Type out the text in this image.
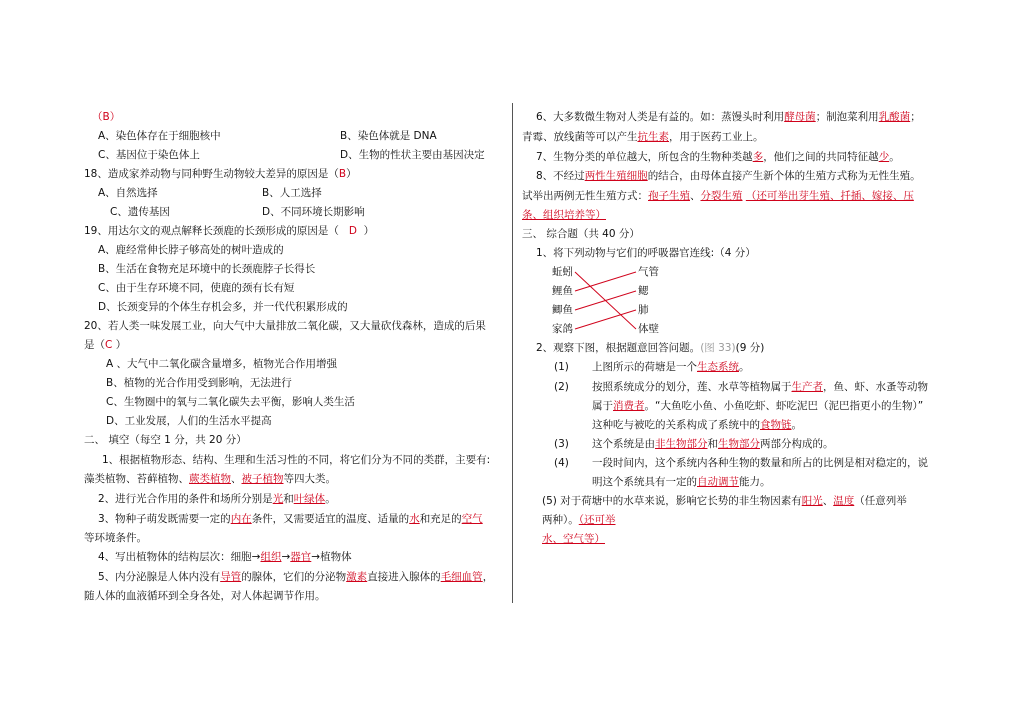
（B）
A、染色体存在于细胞核中	B、染色体就是 DNA
C、基因位于染色体上	D、生物的性状主要由基因决定
18、造成家养动物与同种野生动物较大差异的原因是（B）
A、自然选择	B、人工选择
C、遗传基因	D、不同环境长期影响
19、用达尔文的观点解释长颈鹿的长颈形成的原因是（ D ）
A、鹿经常伸长脖子够高处的树叶造成的
B、生活在食物充足环境中的长颈鹿脖子长得长
C、由于生存环境不同，使鹿的颈有长有短
D、长颈变异的个体生存机会多，并一代代积累形成的
20、若人类一味发展工业，向大气中大量排放二氧化碳，又大量砍伐森林，造成的后果
是（C ）
A 、大气中二氧化碳含量增多，植物光合作用增强
B、植物的光合作用受到影响，无法进行
C、生物圈中的氧与二氧化碳失去平衡，影响人类生活
D、工业发展，人们的生活水平提高
二、 填空（每空 1 分，共 20 分）
1、根据植物形态、结构、生理和生活习性的不同，将它们分为不同的类群，主要有:
藻类植物、苔藓植物、蕨类植物、被子植物等四大类。
2、进行光合作用的条件和场所分别是光和叶绿体。
3、物种子萌发既需要一定的内在条件，又需要适宜的温度、适量的水和充足的空气
等环境条件。
4、写出植物体的结构层次：细胞→组织→器官→植物体
5、内分泌腺是人体内没有导管的腺体，它们的分泌物激素直接进入腺体的毛细血管，
随人体的血液循环到全身各处，对人体起调节作用。
6、大多数微生物对人类是有益的。如：蒸馒头时利用酵母菌；制泡菜利用乳酸菌；
青霉、放线菌等可以产生抗生素，用于医药工业上。
7、生物分类的单位越大，所包含的生物种类越多，他们之间的共同特征越少。
8、不经过两性生殖细胞的结合，由母体直接产生新个体的生殖方式称为无性生殖。
试举出两例无性生殖方式：孢子生殖、分裂生殖 （还可举出芽生殖、扦插、嫁接、压
条、组织培养等）
三、 综合题（共 40 分）
1、将下列动物与它们的呼吸器官连线:（4 分）
蚯蚓
鲤鱼
鲫鱼
家鸽
气管
鳃
肺
体壁
2、观察下图，根据题意回答问题。(图 33)(9 分)
(1) 上图所示的荷塘是一个生态系统。
(2) 按照系统成分的划分，莲、水草等植物属于生产者，鱼、虾、水蚤等动物
属于消费者。“大鱼吃小鱼、小鱼吃虾、虾吃泥巴（泥巴指更小的生物）”
这种吃与被吃的关系构成了系统中的食物链。
(3) 这个系统是由非生物部分和生物部分两部分构成的。
(4) 一段时间内，这个系统内各种生物的数量和所占的比例是相对稳定的，说
明这个系统具有一定的自动调节能力。
(5) 对于荷塘中的水草来说，影响它长势的非生物因素有阳光、温度（任意列举
两种）。（还可举
水、空气等）
